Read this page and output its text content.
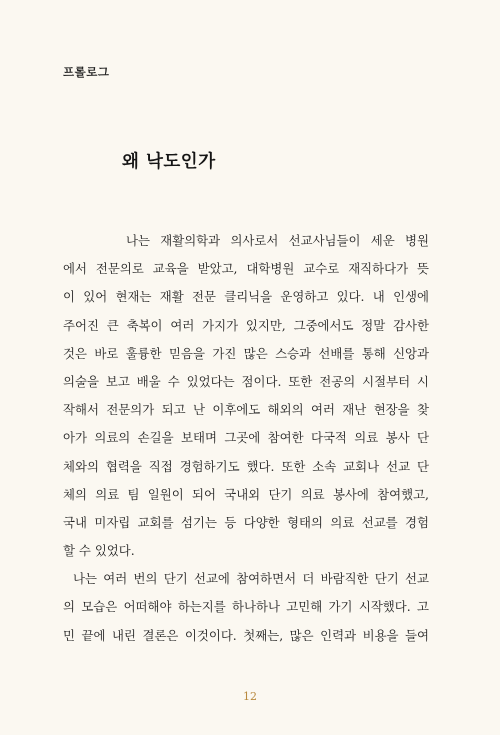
프롤로그
왜 낙도인가
나는 재활의학과 의사로서 선교사님들이 세운 병원
에서 전문의로 교육을 받았고, 대학병원 교수로 재직하다가 뜻
이 있어 현재는 재활 전문 클리닉을 운영하고 있다. 내 인생에
주어진 큰 축복이 여러 가지가 있지만, 그중에서도 정말 감사한
것은 바로 훌륭한 믿음을 가진 많은 스승과 선배를 통해 신앙과
의술을 보고 배울 수 있었다는 점이다. 또한 전공의 시절부터 시
작해서 전문의가 되고 난 이후에도 해외의 여러 재난 현장을 찾
아가 의료의 손길을 보태며 그곳에 참여한 다국적 의료 봉사 단
체와의 협력을 직접 경험하기도 했다. 또한 소속 교회나 선교 단
체의 의료 팀 일원이 되어 국내외 단기 의료 봉사에 참여했고,
국내 미자립 교회를 섬기는 등 다양한 형태의 의료 선교를 경험
할 수 있었다.
나는 여러 번의 단기 선교에 참여하면서 더 바람직한 단기 선교
의 모습은 어떠해야 하는지를 하나하나 고민해 가기 시작했다. 고
민 끝에 내린 결론은 이것이다. 첫째는, 많은 인력과 비용을 들여
12
